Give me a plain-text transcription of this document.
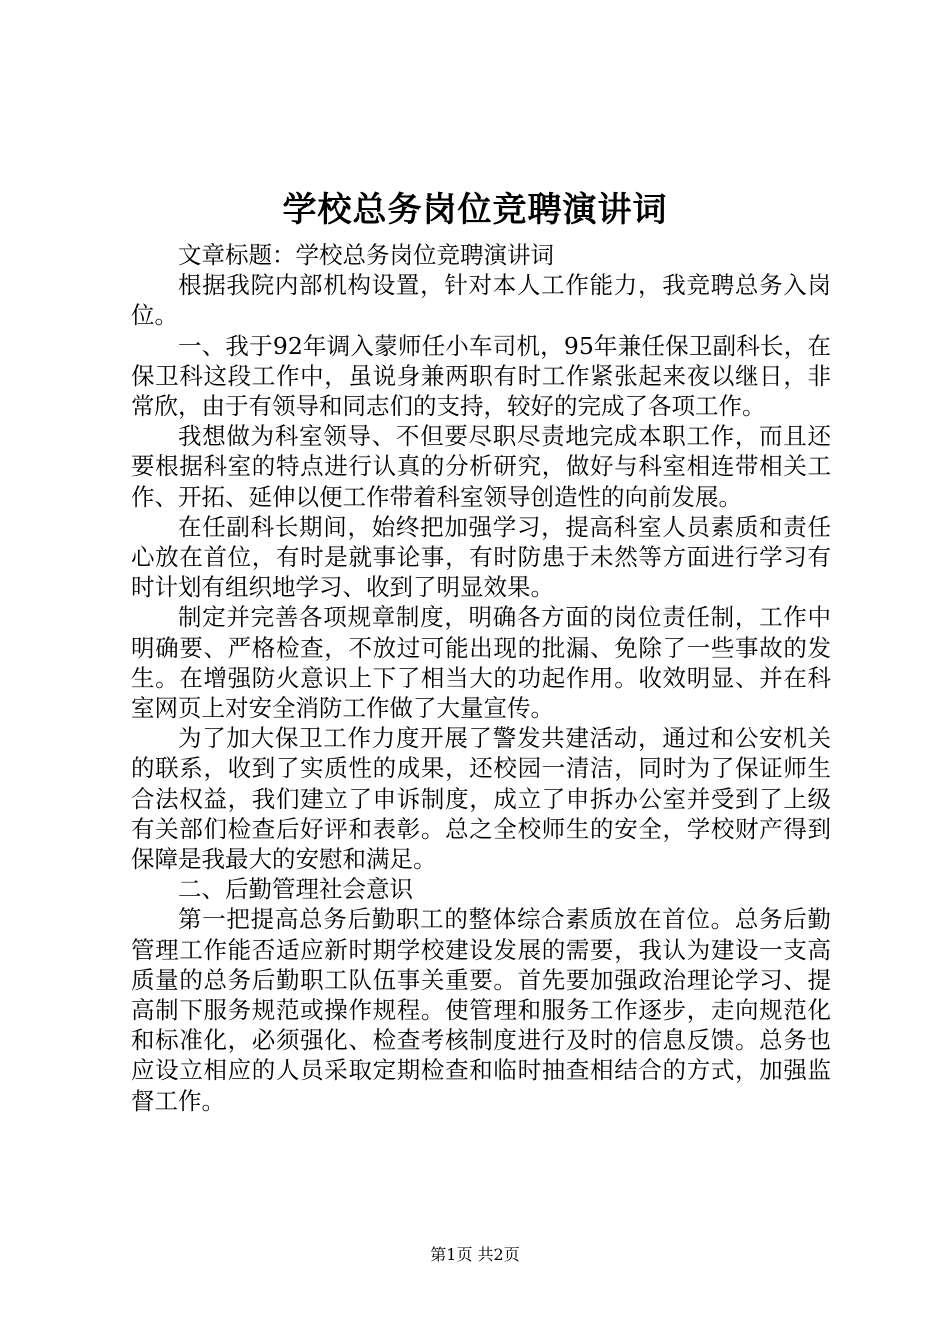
学校总务岗位竞聘演讲词

文章标题：学校总务岗位竞聘演讲词

根据我院内部机构设置，针对本人工作能力，我竞聘总务入岗位。

一、我于92年调入蒙师任小车司机，95年兼任保卫副科长，在保卫科这段工作中，虽说身兼两职有时工作紧张起来夜以继日，非常欣，由于有领导和同志们的支持，较好的完成了各项工作。

我想做为科室领导、不但要尽职尽责地完成本职工作，而且还要根据科室的特点进行认真的分析研究，做好与科室相连带相关工作、开拓、延伸以便工作带着科室领导创造性的向前发展。

在任副科长期间，始终把加强学习，提高科室人员素质和责任心放在首位，有时是就事论事，有时防患于未然等方面进行学习有时计划有组织地学习、收到了明显效果。

制定并完善各项规章制度，明确各方面的岗位责任制，工作中明确要、严格检查，不放过可能出现的批漏、免除了一些事故的发生。在增强防火意识上下了相当大的功起作用。收效明显、并在科室网页上对安全消防工作做了大量宣传。

为了加大保卫工作力度开展了警发共建活动，通过和公安机关的联系，收到了实质性的成果，还校园一清洁，同时为了保证师生合法权益，我们建立了申诉制度，成立了申拆办公室并受到了上级有关部们检查后好评和表彰。总之全校师生的安全，学校财产得到保障是我最大的安慰和满足。

二、后勤管理社会意识

第一把提高总务后勤职工的整体综合素质放在首位。总务后勤管理工作能否适应新时期学校建设发展的需要，我认为建设一支高质量的总务后勤职工队伍事关重要。首先要加强政治理论学习、提高制下服务规范或操作规程。使管理和服务工作逐步，走向规范化和标准化，必须强化、检查考核制度进行及时的信息反馈。总务也应设立相应的人员采取定期检查和临时抽查相结合的方式，加强监督工作。

第1页 共2页
